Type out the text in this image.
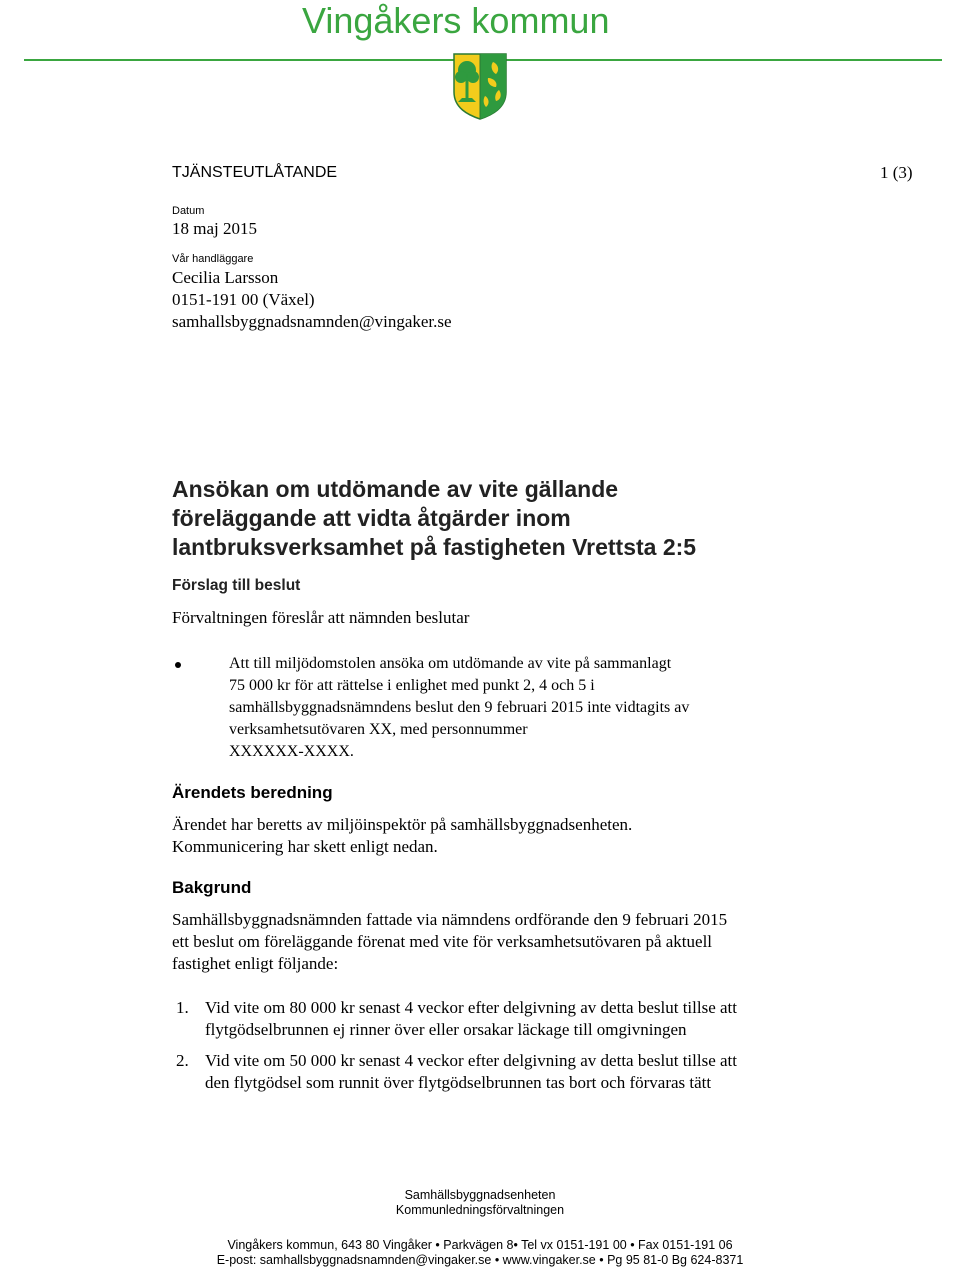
Vingåkers kommun
TJÄNSTEUTLÅTANDE	1 (3)
Datum
18 maj 2015
Vår handläggare
Cecilia Larsson
0151-191 00 (Växel)
samhallsbyggnadsnamnden@vingaker.se
Ansökan om utdömande av vite gällande
föreläggande att vidta åtgärder inom
lantbruksverksamhet på fastigheten Vrettsta 2:5
Förslag till beslut
Förvaltningen föreslår att nämnden beslutar
Att till miljödomstolen ansöka om utdömande av vite på sammanlagt
75 000 kr för att rättelse i enlighet med punkt 2, 4 och 5 i
samhällsbyggnadsnämndens beslut den 9 februari 2015 inte vidtagits av
verksamhetsutövaren XX, med personnummer
XXXXXX-XXXX.
Ärendets beredning
Ärendet har beretts av miljöinspektör på samhällsbyggnadsenheten.
Kommunicering har skett enligt nedan.
Bakgrund
Samhällsbyggnadsnämnden fattade via nämndens ordförande den 9 februari 2015
ett beslut om föreläggande förenat med vite för verksamhetsutövaren på aktuell
fastighet enligt följande:
1. Vid vite om 80 000 kr senast 4 veckor efter delgivning av detta beslut tillse att
flytgödselbrunnen ej rinner över eller orsakar läckage till omgivningen
2. Vid vite om 50 000 kr senast 4 veckor efter delgivning av detta beslut tillse att
den flytgödsel som runnit över flytgödselbrunnen tas bort och förvaras tätt
Samhällsbyggnadsenheten
Kommunledningsförvaltningen
Vingåkers kommun, 643 80 Vingåker • Parkvägen 8• Tel vx 0151-191 00 • Fax 0151-191 06
E-post: samhallsbyggnadsnamnden@vingaker.se • www.vingaker.se • Pg 95 81-0 Bg 624-8371
